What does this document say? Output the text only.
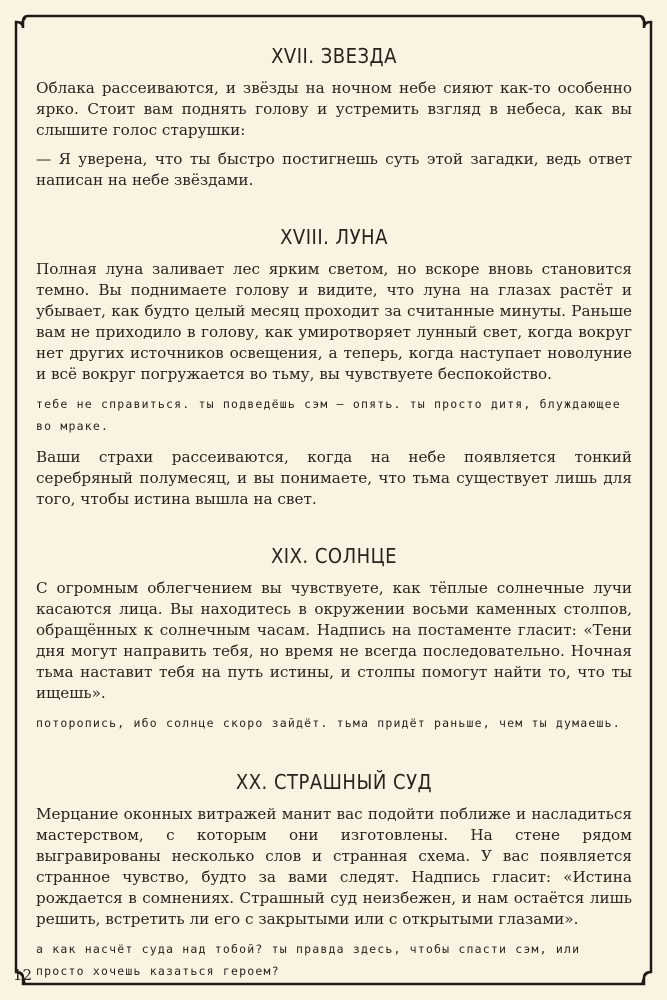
XVII. ЗВЕЗДА

Облака рассеиваются, и звёзды на ночном небе сияют как-то особенно ярко. Стоит вам поднять голову и устремить взгляд в небеса, как вы слышите голос старушки:

— Я уверена, что ты быстро постигнешь суть этой загадки, ведь ответ написан на небе звёздами.

XVIII. ЛУНА

Полная луна заливает лес ярким светом, но вскоре вновь становится темно. Вы поднимаете голову и видите, что луна на глазах растёт и убывает, как будто целый месяц проходит за считанные минуты. Раньше вам не приходило в голову, как умиротворяет лунный свет, когда вокруг нет других источников освещения, а теперь, когда наступает новолуние и всё вокруг погружается во тьму, вы чувствуете беспокойство.

тебе не справиться. ты подведёшь сэм — опять. ты просто дитя, блуждающее во мраке.

Ваши страхи рассеиваются, когда на небе появляется тонкий серебряный полумесяц, и вы понимаете, что тьма существует лишь для того, чтобы истина вышла на свет.

XIX. СОЛНЦЕ

С огромным облегчением вы чувствуете, как тёплые солнечные лучи касаются лица. Вы находитесь в окружении восьми каменных столпов, обращённых к солнечным часам. Надпись на постаменте гласит: «Тени дня могут направить тебя, но время не всегда последовательно. Ночная тьма наставит тебя на путь истины, и столпы помогут найти то, что ты ищешь».

поторопись, ибо солнце скоро зайдёт. тьма придёт раньше, чем ты думаешь.
XX. СТРАШНЫЙ СУД

Мерцание оконных витражей манит вас подойти поближе и насладиться мастерством, с которым они изготовлены. На стене рядом выгравированы несколько слов и странная схема. У вас появляется странное чувство, будто за вами следят. Надпись гласит: «Истина рождается в сомнениях. Страшный суд неизбежен, и нам остаётся лишь решить, встретить ли его с закрытыми или с открытыми глазами».

а как насчёт суда над тобой? ты правда здесь, чтобы спасти сэм, или просто хочешь казаться героем?
12
